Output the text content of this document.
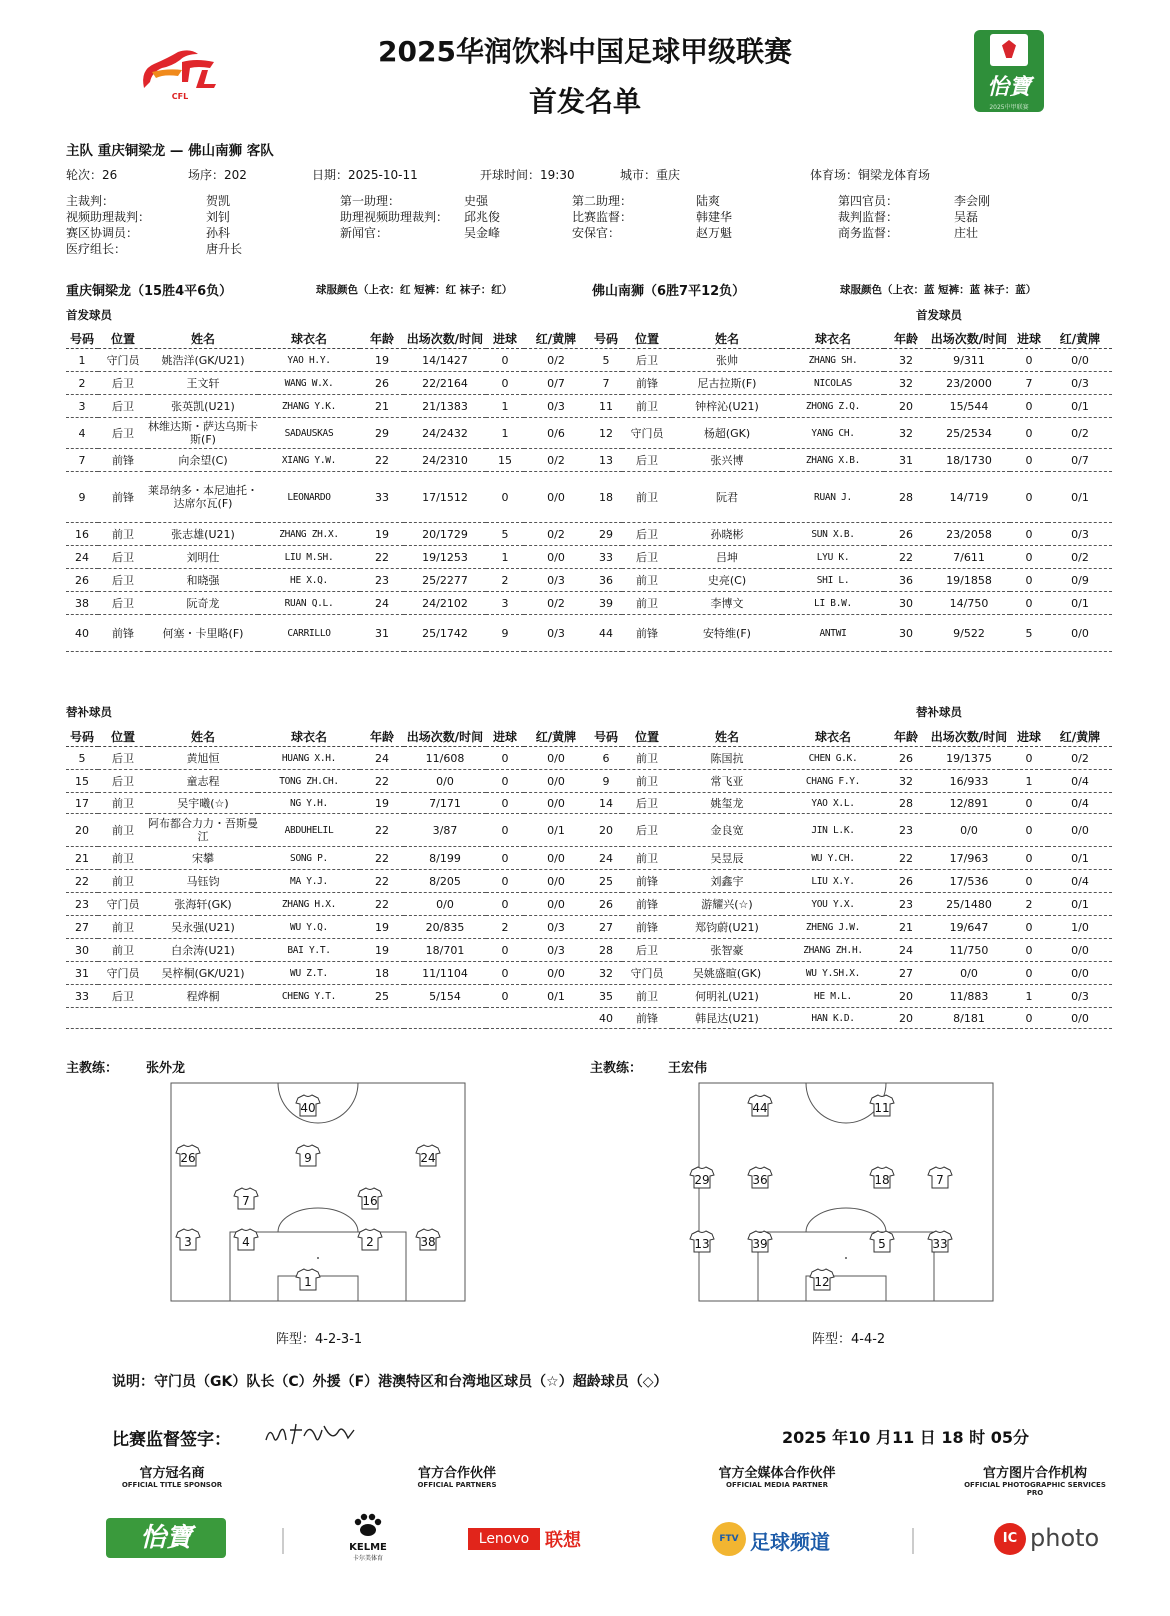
CFL
2025华润饮料中国足球甲级联赛
首发名单	怡寶
2025中甲联赛
主队 重庆铜梁龙 — 佛山南狮 客队
轮次：26	场序：202	日期：2025-10-11	开球时间：19:30	城市：重庆	体育场：铜梁龙体育场
主裁判：	贺凯	第一助理：	史强	第二助理：	陆爽	第四官员：	李会刚
视频助理裁判：	刘钊	助理视频助理裁判： 邱兆俊	比赛监督：	韩建华	裁判监督：	吴磊
赛区协调员：	孙科	新闻官：	吴金峰	安保官：	赵万魁	商务监督：	庄壮
医疗组长：	唐升长
重庆铜梁龙（15胜4平6负）	球服颜色（上衣：红 短裤：红 袜子：红）	佛山南狮（6胜7平12负）	球服颜色（上衣：蓝 短裤：蓝 袜子：蓝）
首发球员	首发球员
号码	位置	姓名	球衣名	年龄	出场次数/时间	进球	红/黄牌
1	守门员	姚浩洋(GK/U21)	YAO H.Y.	19	14/1427	0	0/2
2	后卫	王文轩	WANG W.X.	26	22/2164	0	0/7
3	后卫	张英凯(U21)	ZHANG Y.K.	21	21/1383	1	0/3
4	后卫	林维达斯・萨达乌斯卡斯(F)	SADAUSKAS	29	24/2432	1	0/6
7	前锋	向余望(C)	XIANG Y.W.	22	24/2310	15	0/2
9	前锋	莱昂纳多・本尼迪托・达席尔瓦(F)	LEONARDO	33	17/1512	0	0/0
16	前卫	张志雄(U21)	ZHANG ZH.X.	19	20/1729	5	0/2
24	后卫	刘明仕	LIU M.SH.	22	19/1253	1	0/0
26	后卫	和晓强	HE X.Q.	23	25/2277	2	0/3
38	后卫	阮奇龙	RUAN Q.L.	24	24/2102	3	0/2
40	前锋	何塞・卡里略(F)	CARRILLO	31	25/1742	9	0/3
号码	位置	姓名	球衣名	年龄	出场次数/时间	进球	红/黄牌
5	后卫	张帅	ZHANG SH.	32	9/311	0	0/0
7	前锋	尼古拉斯(F)	NICOLAS	32	23/2000	7	0/3
11	前卫	钟梓沁(U21)	ZHONG Z.Q.	20	15/544	0	0/1
12	守门员	杨超(GK)	YANG CH.	32	25/2534	0	0/2
13	后卫	张兴博	ZHANG X.B.	31	18/1730	0	0/7
18	前卫	阮君	RUAN J.	28	14/719	0	0/1
29	后卫	孙晓彬	SUN X.B.	26	23/2058	0	0/3
33	后卫	吕坤	LYU K.	22	7/611	0	0/2
36	前卫	史亮(C)	SHI L.	36	19/1858	0	0/9
39	前卫	李博文	LI B.W.	30	14/750	0	0/1
44	前锋	安特维(F)	ANTWI	30	9/522	5	0/0
替补球员	替补球员
号码	位置	姓名	球衣名	年龄	出场次数/时间	进球	红/黄牌
5	后卫	黄旭恒	HUANG X.H.	24	11/608	0	0/0
15	后卫	童志程	TONG ZH.CH.	22	0/0	0	0/0
17	前卫	吴宇曦(☆)	NG Y.H.	19	7/171	0	0/0
20	前卫	阿布都合力力・吾斯曼江	ABDUHELIL	22	3/87	0	0/1
21	前卫	宋攀	SONG P.	22	8/199	0	0/0
22	前卫	马钰钧	MA Y.J.	22	8/205	0	0/0
23	守门员	张海轩(GK)	ZHANG H.X.	22	0/0	0	0/0
27	前卫	吴永强(U21)	WU Y.Q.	19	20/835	2	0/3
30	前卫	白余涛(U21)	BAI Y.T.	19	18/701	0	0/3
31	守门员	吴梓桐(GK/U21)	WU Z.T.	18	11/1104	0	0/0
33	后卫	程烨桐	CHENG Y.T.	25	5/154	0	0/1

号码	位置	姓名	球衣名	年龄	出场次数/时间	进球	红/黄牌
6	前卫	陈国抗	CHEN G.K.	26	19/1375	0	0/2
9	前卫	常飞亚	CHANG F.Y.	32	16/933	1	0/4
14	后卫	姚玺龙	YAO X.L.	28	12/891	0	0/4
20	后卫	金良宽	JIN L.K.	23	0/0	0	0/0
24	前卫	吴昱辰	WU Y.CH.	22	17/963	0	0/1
25	前锋	刘鑫宇	LIU X.Y.	26	17/536	0	0/4
26	前锋	游耀兴(☆)	YOU Y.X.	23	25/1480	2	0/1
27	前锋	郑钧蔚(U21)	ZHENG J.W.	21	19/647	0	1/0
28	后卫	张智豪	ZHANG ZH.H.	24	11/750	0	0/0
32	守门员	吴姚盛暄(GK)	WU Y.SH.X.	27	0/0	0	0/0
35	前卫	何明礼(U21)	HE M.L.	20	11/883	1	0/3
40	前锋	韩昆达(U21)	HAN K.D.	20	8/181	0	0/0
主教练： 张外龙	主教练： 王宏伟
40
26	9	24
7	16
3	4	2	38
1
44	11
29	36	18	7
13	39	5	33
12
阵型：4-2-3-1	阵型：4-4-2
说明：守门员（GK）队长（C）外援（F）港澳特区和台湾地区球员（☆）超龄球员（◇）
比赛监督签字：	2025 年10 月11 日 18 时 05分
官方冠名商
OFFICIAL TITLE SPONSOR
官方合作伙伴
OFFICIAL PARTNERS
官方全媒体合作伙伴
OFFICIAL MEDIA PARTNER
官方图片合作机构
OFFICIAL PHOTOGRAPHIC SERVICES PRO
怡寶	KELME
卡尔美体育
Lenovo 联想	FTV 足球频道	IC photo
